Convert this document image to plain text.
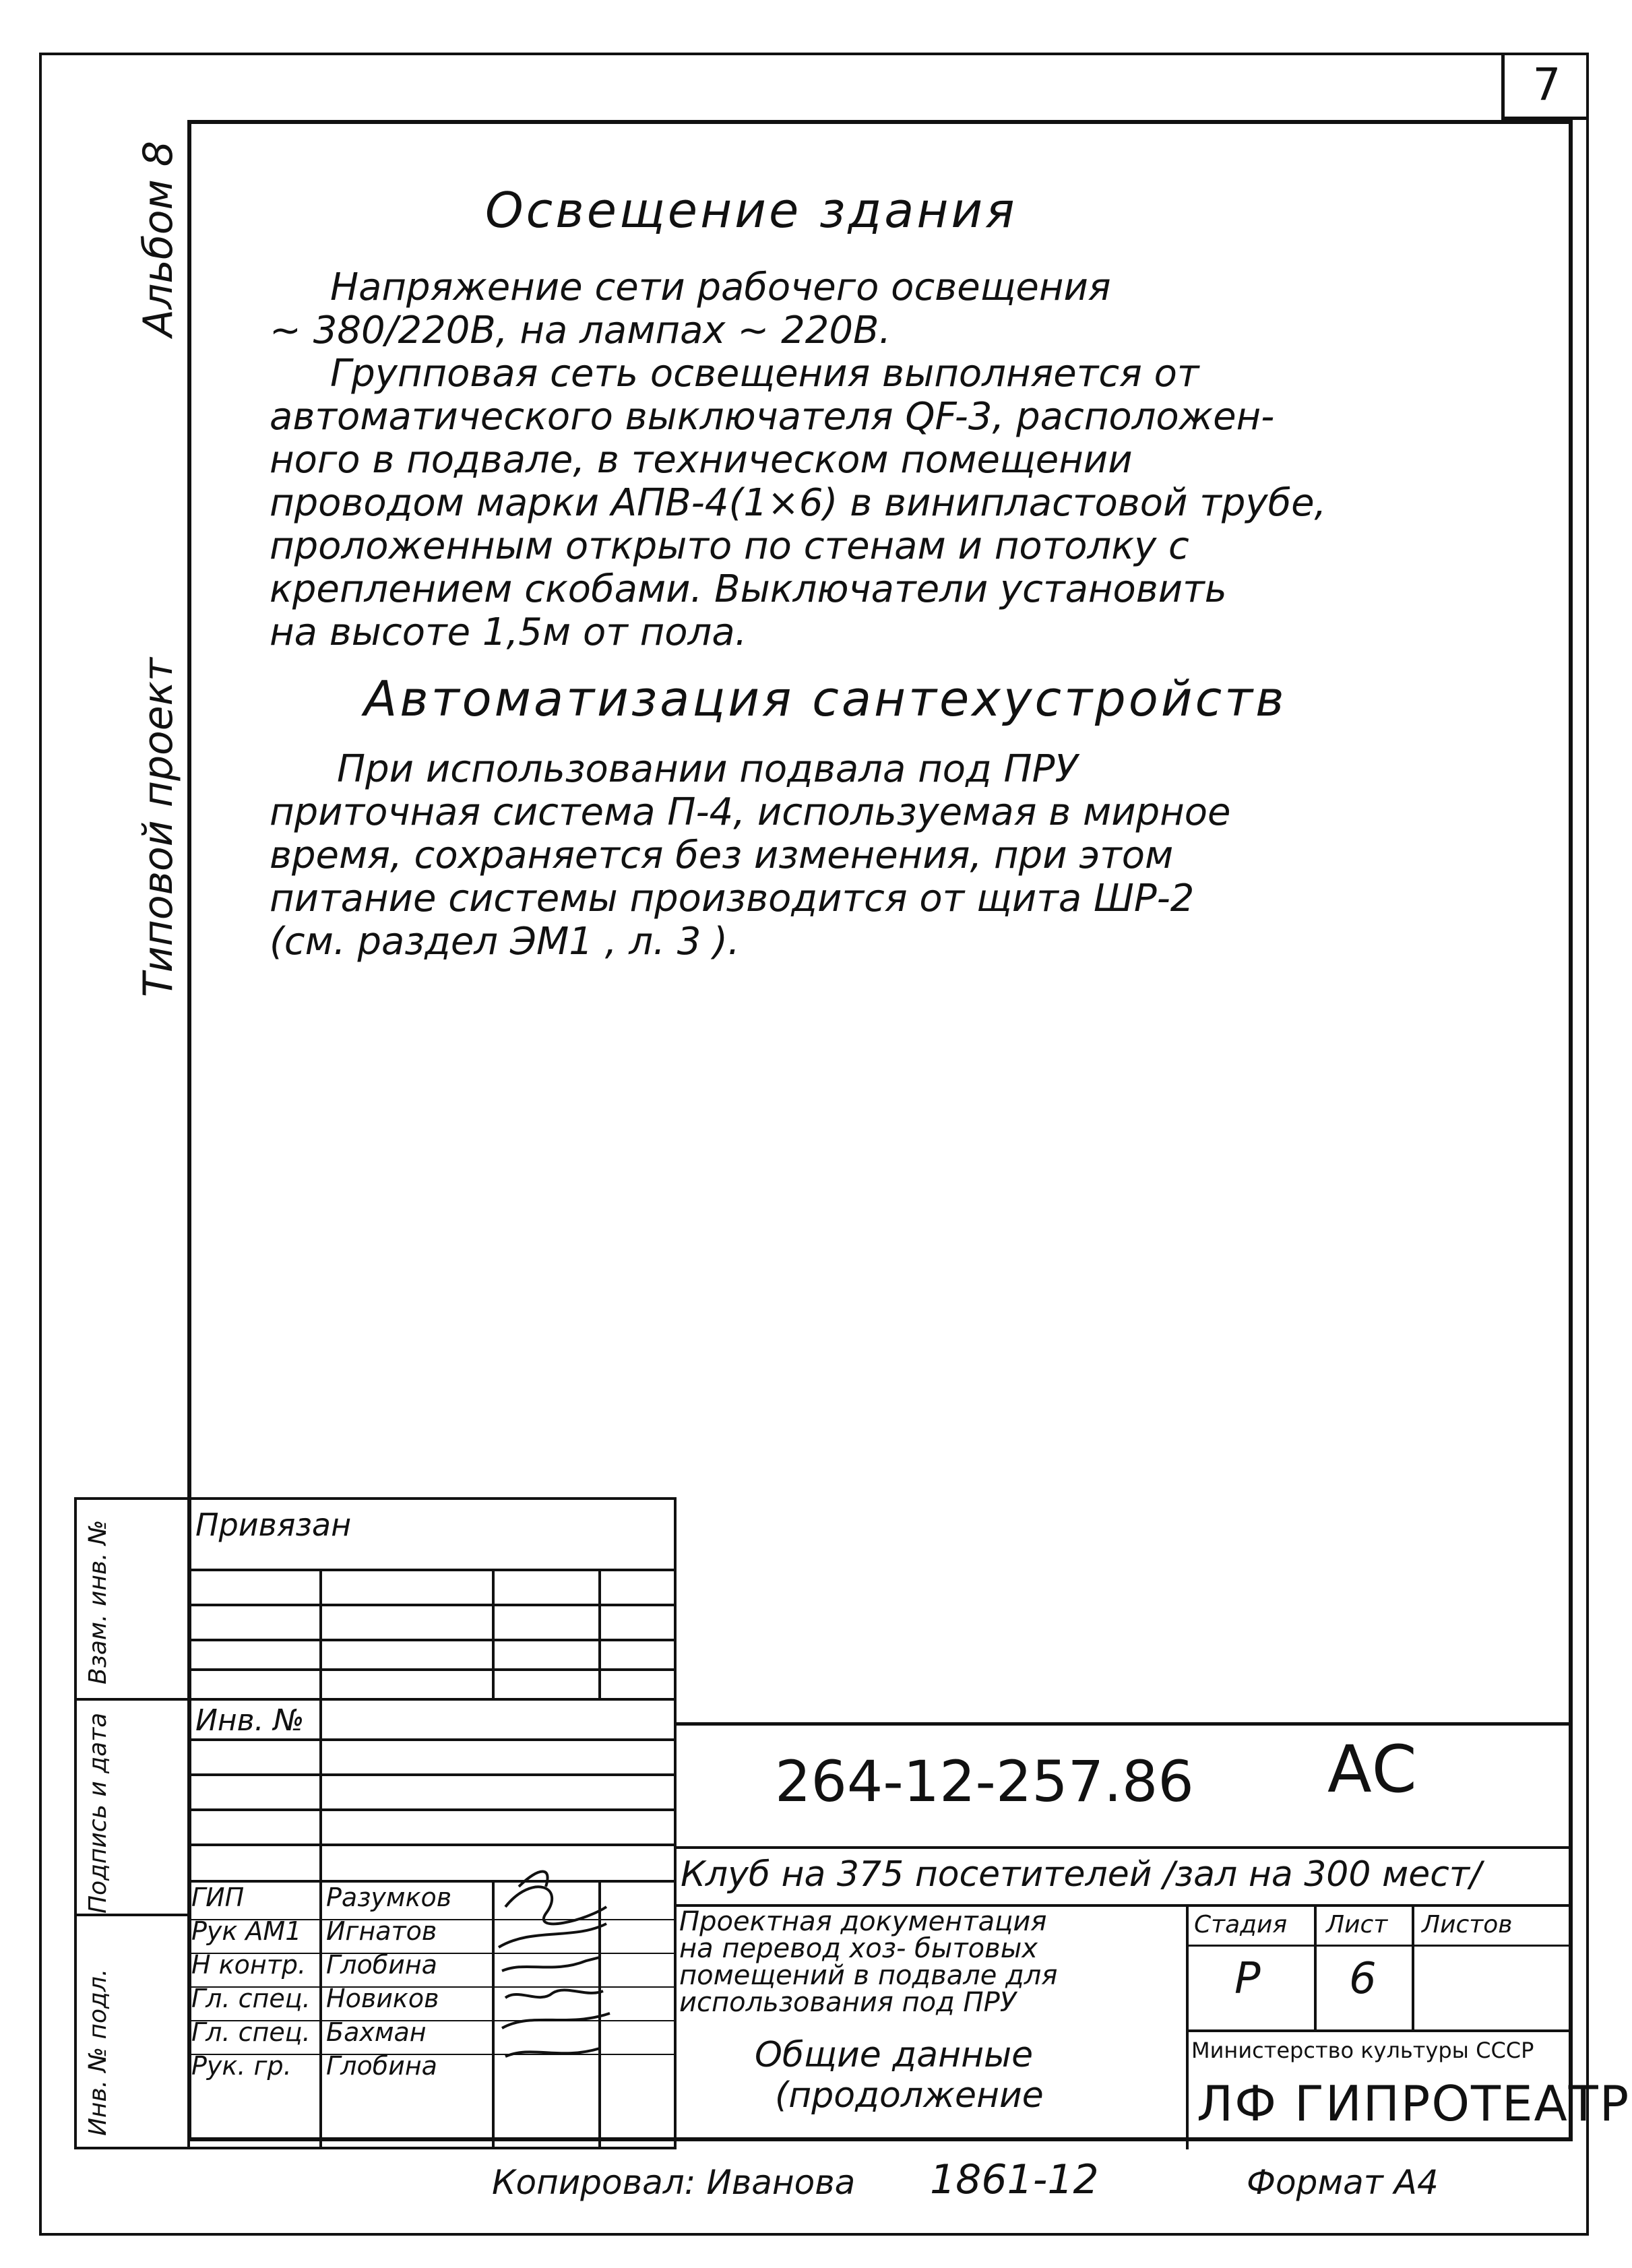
7
Альбом 8
Типовой проект
Освещение здания
Напряжение сети рабочего освещения
~ 380/220В, на лампах ~ 220В.
Групповая сеть освещения выполняется от
автоматического выключателя QF-3, расположен-
ного в подвале, в техническом помещении
проводом марки АПВ-4(1×6) в винипластовой трубе,
проложенным открыто по стенам и потолку с
креплением скобами. Выключатели установить
на высоте 1,5м от пола.
Автоматизация сантехустройств
При использовании подвала под ПРУ
приточная система П-4, используемая в мирное
время, сохраняется без изменения, при этом
питание системы производится от щита ШР-2
(см. раздел ЭМ1 , л. 3 ).
Взам. инв. №
Подпись и дата
Инв. № подл.
Привязан
Инв. №
ГИП	Разумков
Рук АМ1 Игнатов
Н контр. Глобина
Гл. спец. Новиков
Гл. спец. Бахман
Рук. гр. Глобина
264-12-257.86 АС
Клуб на 375 посетителей /зал на 300 мест/
Проектная документация
на перевод хоз- бытовых
помещений в подвале для
использования под ПРУ
Стадия Лист Листов
Р 6
Общие данные
(продолжение
Министерство культуры СССР
ЛФ ГИПРОТЕАТР
Копировал: Иванова 1861-12	Формат А4
